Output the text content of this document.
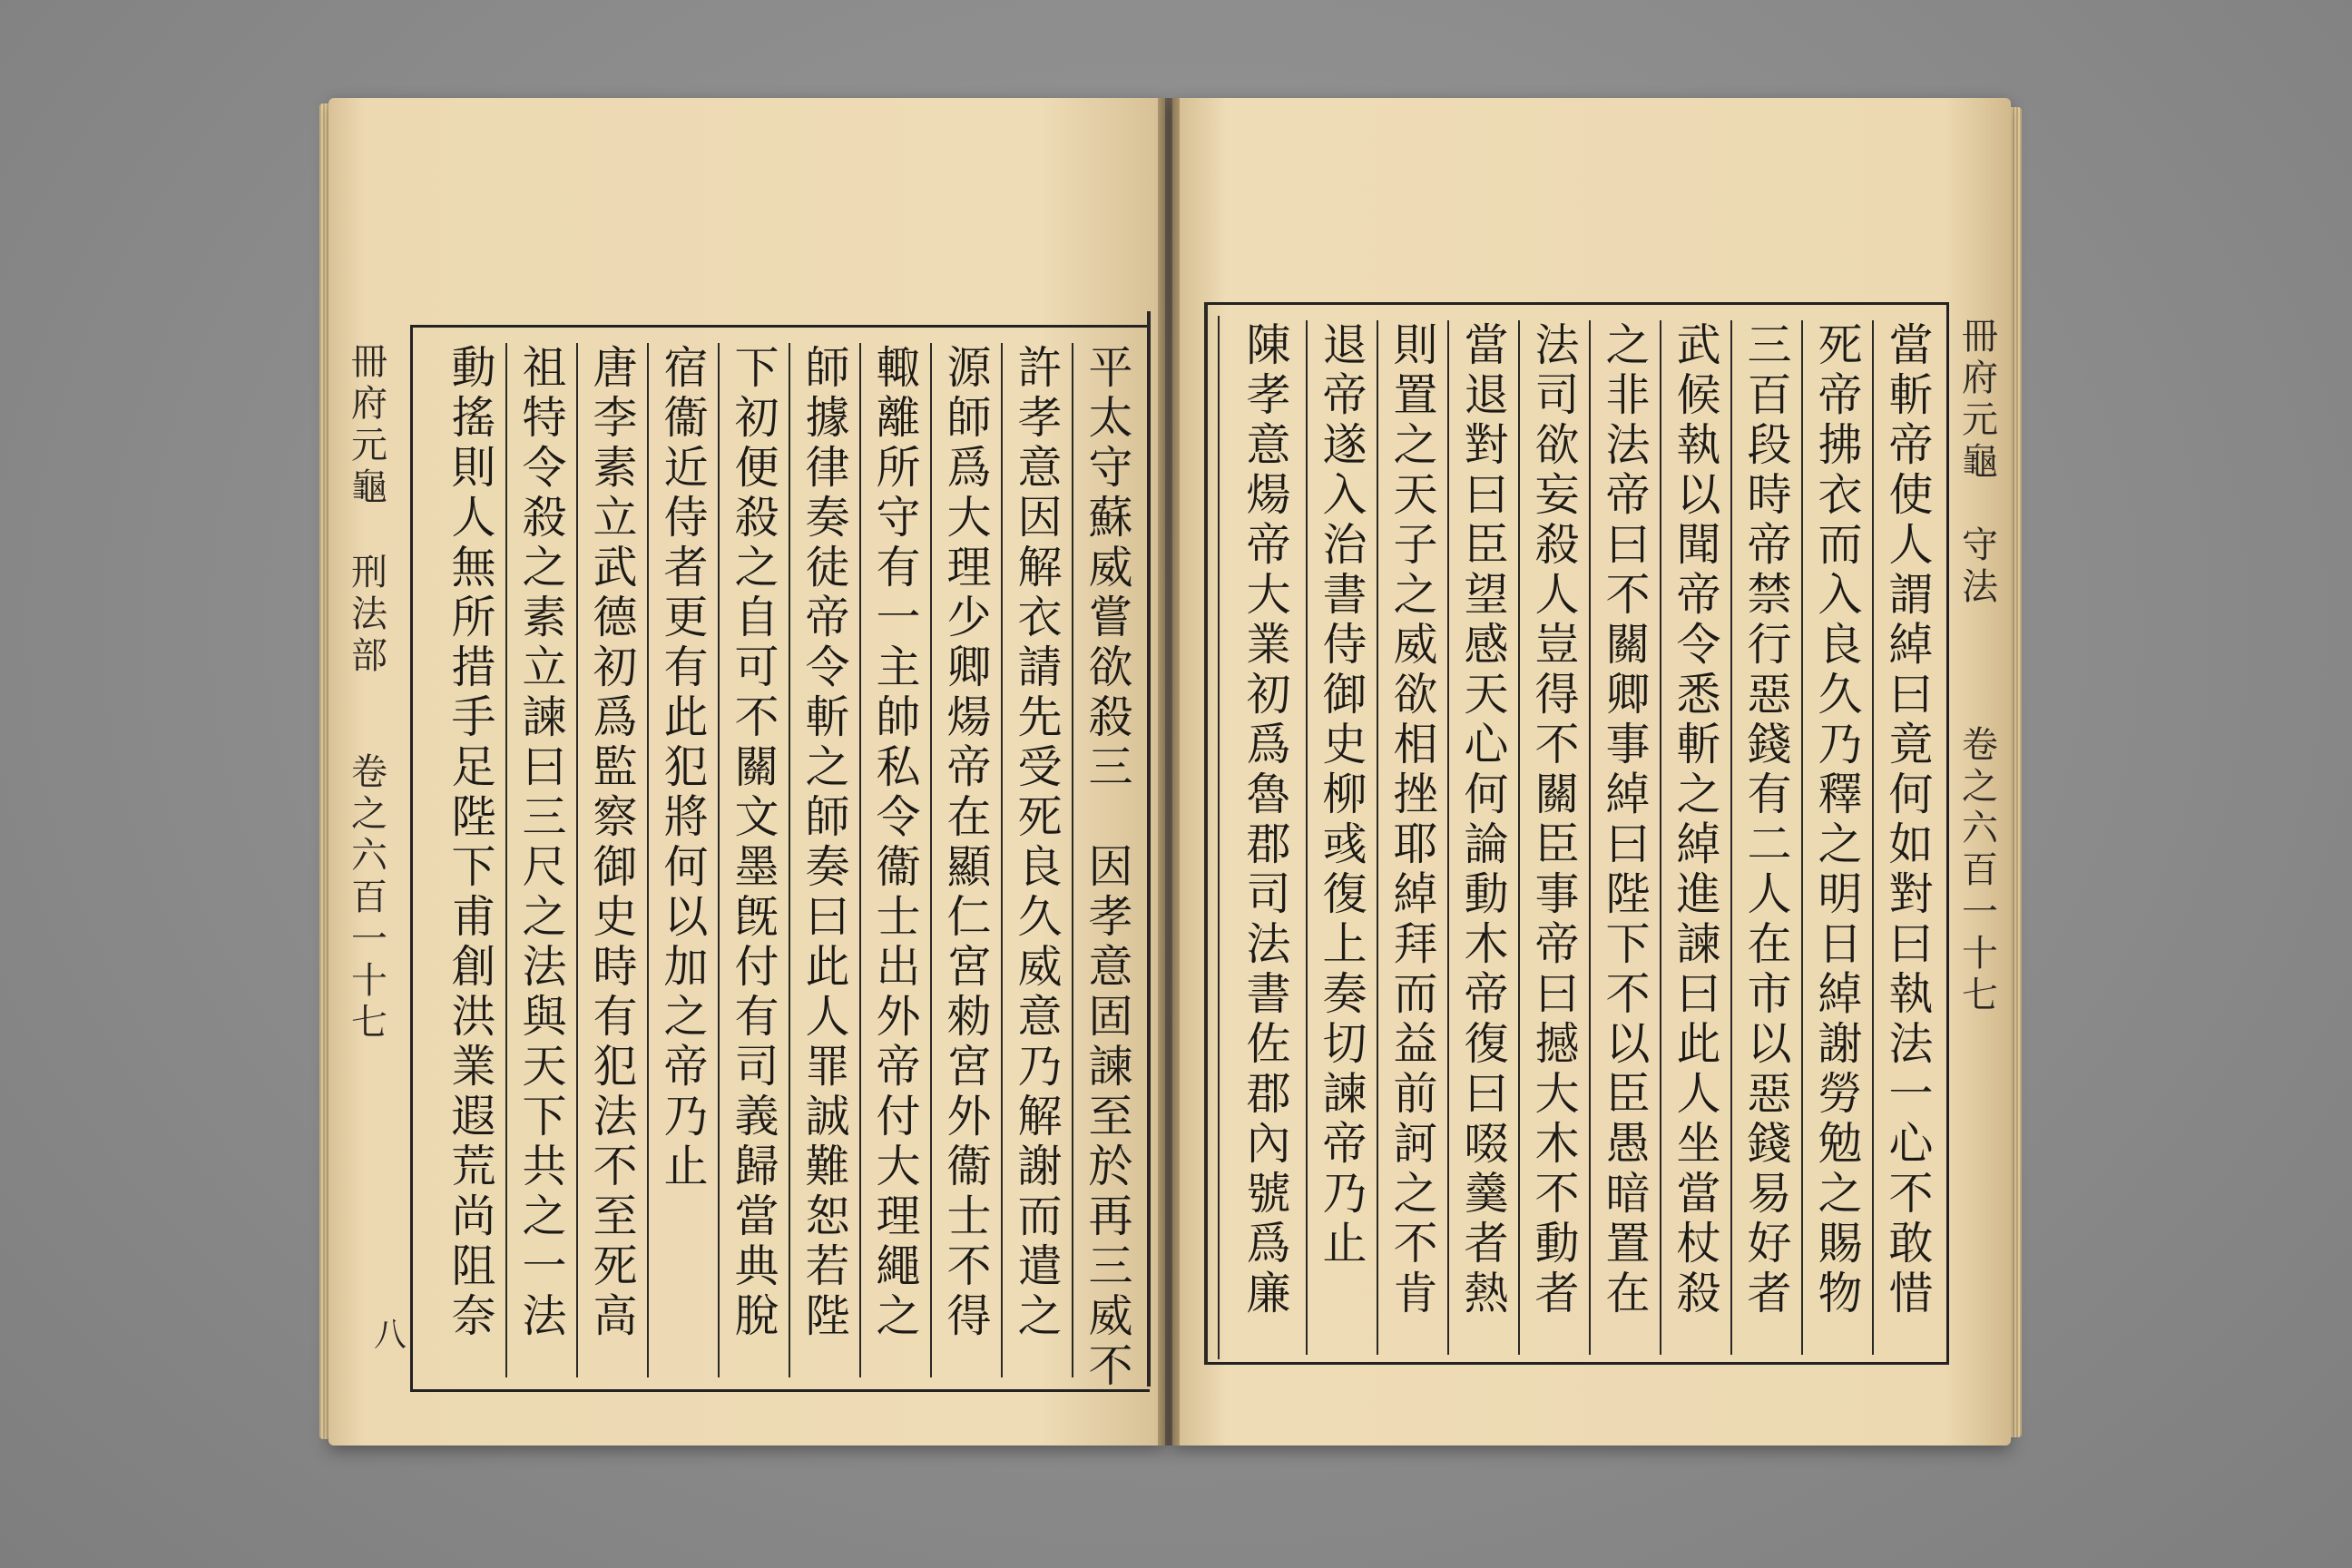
冊
府
元
龜
刑
法
部
卷
之
六
百
一
十
七
八
平
太
守
蘇
威
嘗
欲
殺
三

因
孝
意
固
諫
至
於
再
三
威
不
許
孝
意
因
解
衣
請
先
受
死
良
久
威
意
乃
解
謝
而
遣
之
源
師
爲
大
理
少
卿
煬
帝
在
顯
仁
宮
勑
宮
外
衞
士
不
得
輙
離
所
守
有
一
主
帥
私
令
衞
士
出
外
帝
付
大
理
繩
之
師
據
律
奏
徒
帝
令
斬
之
師
奏
曰
此
人
罪
誠
難
恕
若
陛
下
初
便
殺
之
自
可
不
關
文
墨
旣
付
有
司
義
歸
當
典
脫
宿
衞
近
侍
者
更
有
此
犯
將
何
以
加
之
帝
乃
止
唐
李
素
立
武
德
初
爲
監
察
御
史
時
有
犯
法
不
至
死
高
祖
特
令
殺
之
素
立
諫
曰
三
尺
之
法
與
天
下
共
之
一
法
動
搖
則
人
無
所
措
手
足
陛
下
甫
創
洪
業
遐
荒
尚
阻
奈
冊
府
元
龜
守
法
卷
之
六
百
一
十
七
當
斬
帝
使
人
謂
綽
曰
竟
何
如
對
曰
執
法
一
心
不
敢
惜
死
帝
拂
衣
而
入
良
久
乃
釋
之
明
日
綽
謝
勞
勉
之
賜
物
三
百
段
時
帝
禁
行
惡
錢
有
二
人
在
市
以
惡
錢
易
好
者
武
候
執
以
聞
帝
令
悉
斬
之
綽
進
諫
曰
此
人
坐
當
杖
殺
之
非
法
帝
曰
不
關
卿
事
綽
曰
陛
下
不
以
臣
愚
暗
置
在
法
司
欲
妄
殺
人
豈
得
不
關
臣
事
帝
曰
撼
大
木
不
動
者
當
退
對
曰
臣
望
感
天
心
何
論
動
木
帝
復
曰
啜
羹
者
熱
則
置
之
天
子
之
威
欲
相
挫
耶
綽
拜
而
益
前
訶
之
不
肯
退
帝
遂
入
治
書
侍
御
史
柳
彧
復
上
奏
切
諫
帝
乃
止
陳
孝
意
煬
帝
大
業
初
爲
魯
郡
司
法
書
佐
郡
內
號
爲
廉
